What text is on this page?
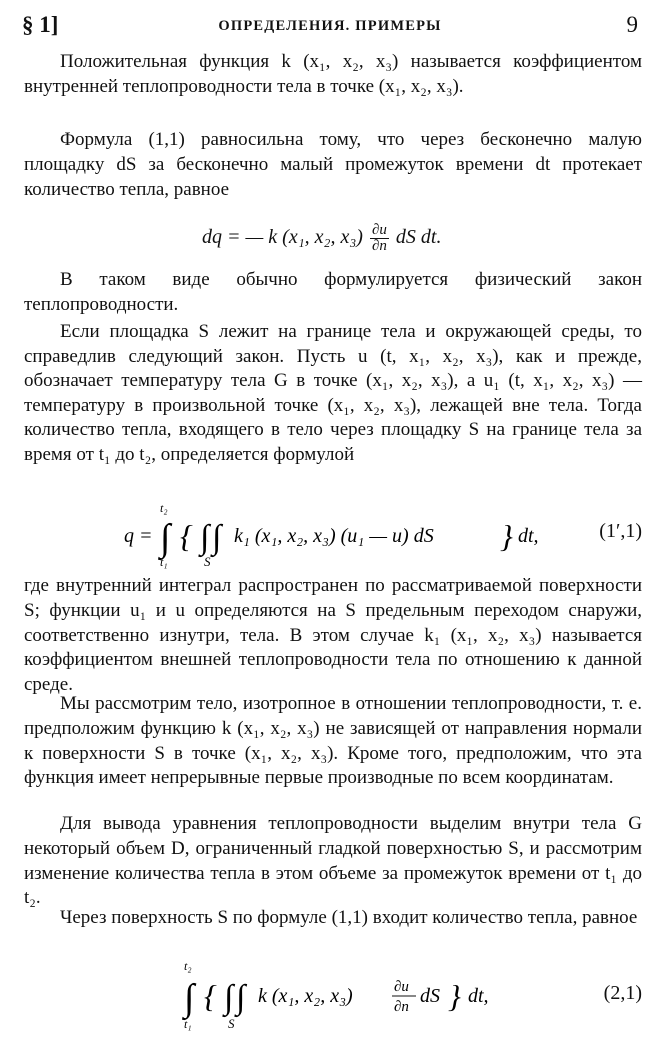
§ 1]	ОПРЕДЕЛЕНИЯ. ПРИМЕРЫ	9

Положительная функция k (x₁, x₂, x₃) называется коэффициентом внутренней теплопроводности тела в точке (x₁, x₂, x₃).

Формула (1,1) равносильна тому, что через бесконечно малую площадку dS за бесконечно малый промежуток времени dt протекает количество тепла, равное

dq = — k (x₁, x₂, $x_3) \frac{\partial u}{\partial n}$ dS dt.

В таком виде обычно формулируется физический закон теплопроводности.

Если площадка S лежит на границе тела и окружающей среды, то справедлив следующий закон. Пусть u (t, x₁, x₂, x₃), как и прежде, обозначает температуру тела G в точке (x₁, x₂, x₃), а u₁ (t, x₁, x₂, x₃) — температуру в произвольной точке (x₁, x₂, x₃), лежащей вне тела. Тогда количество тепла, входящего в тело через площадку S на границе тела за время от t₁ до t₂, определяется формулой

q = ∫
t₂
t₁
{ ∫ ∫
S
k₁ (x₁, x₂, x₃) (u₁ — u) dS } dt,	(1′,1)

где внутренний интеграл распространен по рассматриваемой поверхности S; функции u₁ и u определяются на S предельным переходом снаружи, соответственно изнутри, тела. В этом случае k₁ (x₁, x₂, x₃) называется коэффициентом внешней теплопроводности тела по отношению к данной среде.

Мы рассмотрим тело, изотропное в отношении теплопроводности, т. е. предположим функцию k (x₁, x₂, x₃) не зависящей от направления нормали к поверхности S в точке (x₁, x₂, x₃). Кроме того, предположим, что эта функция имеет непрерывные первые производные по всем координатам.

Для вывода уравнения теплопроводности выделим внутри тела G некоторый объем D, ограниченный гладкой поверхностью S, и рассмотрим изменение количества тепла в этом объеме за промежуток времени от t₁ до t₂.

Через поверхность S по формуле (1,1) входит количество тепла, равное

∫
t₂
t₁
{ ∫ ∫
S
k (x₁, x₂, x₃)	∂u
∂n dS } dt,	(2,1)
